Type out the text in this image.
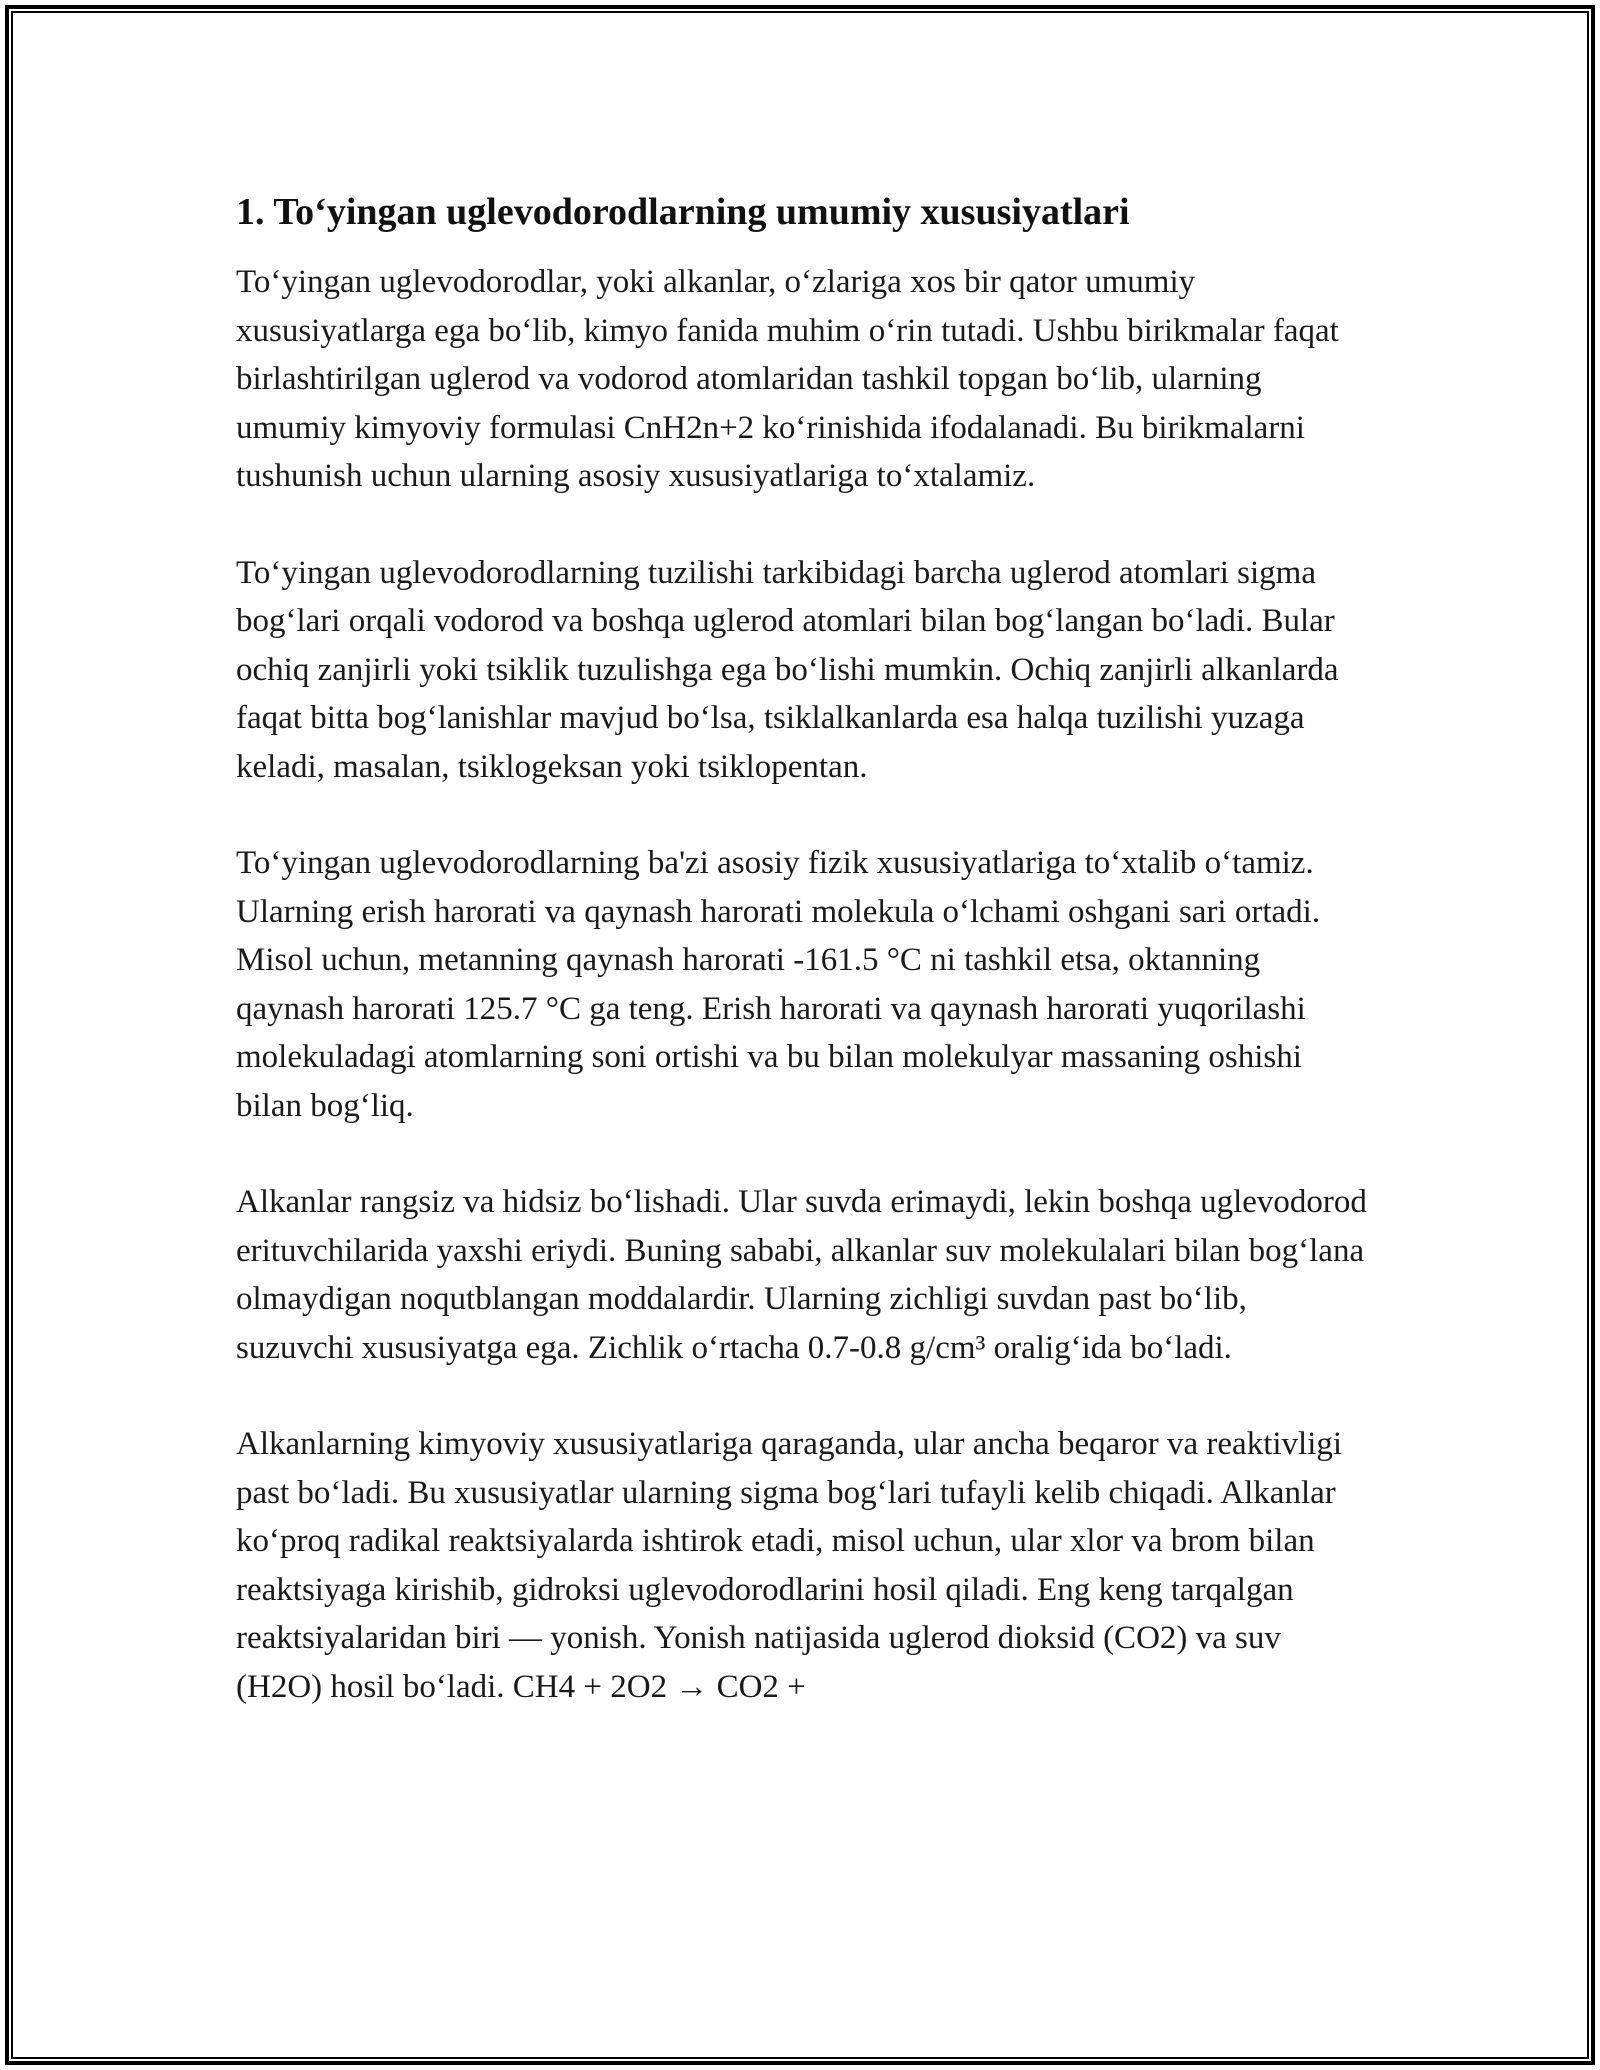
1. To‘yingan uglevodorodlarning umumiy xususiyatlari

To‘yingan uglevodorodlar, yoki alkanlar, o‘zlariga xos bir qator umumiy xususiyatlarga ega bo‘lib, kimyo fanida muhim o‘rin tutadi. Ushbu birikmalar faqat birlashtirilgan uglerod va vodorod atomlaridan tashkil topgan bo‘lib, ularning umumiy kimyoviy formulasi CnH2n+2 ko‘rinishida ifodalanadi. Bu birikmalarni tushunish uchun ularning asosiy xususiyatlariga to‘xtalamiz.

To‘yingan uglevodorodlarning tuzilishi tarkibidagi barcha uglerod atomlari sigma bog‘lari orqali vodorod va boshqa uglerod atomlari bilan bog‘langan bo‘ladi. Bular ochiq zanjirli yoki tsiklik tuzulishga ega bo‘lishi mumkin. Ochiq zanjirli alkanlarda faqat bitta bog‘lanishlar mavjud bo‘lsa, tsiklalkanlarda esa halqa tuzilishi yuzaga keladi, masalan, tsiklogeksan yoki tsiklopentan.

To‘yingan uglevodorodlarning ba'zi asosiy fizik xususiyatlariga to‘xtalib o‘tamiz. Ularning erish harorati va qaynash harorati molekula o‘lchami oshgani sari ortadi. Misol uchun, metanning qaynash harorati -161.5 °C ni tashkil etsa, oktanning qaynash harorati 125.7 °C ga teng. Erish harorati va qaynash harorati yuqorilashi molekuladagi atomlarning soni ortishi va bu bilan molekulyar massaning oshishi bilan bog‘liq.

Alkanlar rangsiz va hidsiz bo‘lishadi. Ular suvda erimaydi, lekin boshqa uglevodorod erituvchilarida yaxshi eriydi. Buning sababi, alkanlar suv molekulalari bilan bog‘lana olmaydigan noqutblangan moddalardir. Ularning zichligi suvdan past bo‘lib, suzuvchi xususiyatga ega. Zichlik o‘rtacha 0.7-0.8 g/cm³ oralig‘ida bo‘ladi.

Alkanlarning kimyoviy xususiyatlariga qaraganda, ular ancha beqaror va reaktivligi past bo‘ladi. Bu xususiyatlar ularning sigma bog‘lari tufayli kelib chiqadi. Alkanlar ko‘proq radikal reaktsiyalarda ishtirok etadi, misol uchun, ular xlor va brom bilan reaktsiyaga kirishib, gidroksi uglevodorodlarini hosil qiladi. Eng keng tarqalgan reaktsiyalaridan biri — yonish. Yonish natijasida uglerod dioksid (CO2) va suv (H2O) hosil bo‘ladi. CH4 + 2O2 → CO2 +
